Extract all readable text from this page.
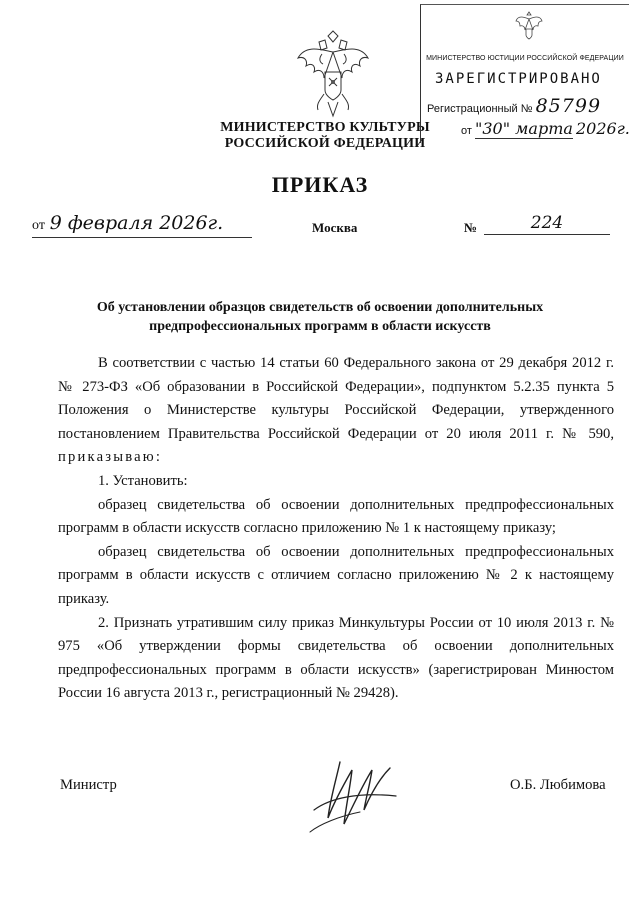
МИНИСТЕРСТВО КУЛЬТУРЫ
РОССИЙСКОЙ ФЕДЕРАЦИИ
МИНИСТЕРСТВО ЮСТИЦИИ РОССИЙСКОЙ ФЕДЕРАЦИИ
ЗАРЕГИСТРИРОВАНО
Регистрационный № 85799
от "30" марта 2026г.
ПРИКАЗ
от 9 февраля 2026г.	Москва	№	224
Об установлении образцов свидетельств об освоении дополнительных
предпрофессиональных программ в области искусств

В соответствии с частью 14 статьи 60 Федерального закона от 29 декабря 2012 г. № 273-ФЗ «Об образовании в Российской Федерации», подпунктом 5.2.35 пункта 5 Положения о Министерстве культуры Российской Федерации, утвержденного постановлением Правительства Российской Федерации от 20 июля 2011 г. № 590, приказываю:

1. Установить:

образец свидетельства об освоении дополнительных предпрофессиональных программ в области искусств согласно приложению № 1 к настоящему приказу;

образец свидетельства об освоении дополнительных предпрофессиональных программ в области искусств с отличием согласно приложению № 2 к настоящему приказу.

2. Признать утратившим силу приказ Минкультуры России от 10 июля 2013 г. № 975 «Об утверждении формы свидетельства об освоении дополнительных предпрофессиональных программ в области искусств» (зарегистрирован Минюстом России 16 августа 2013 г., регистрационный № 29428).

Министр	О.Б. Любимова
